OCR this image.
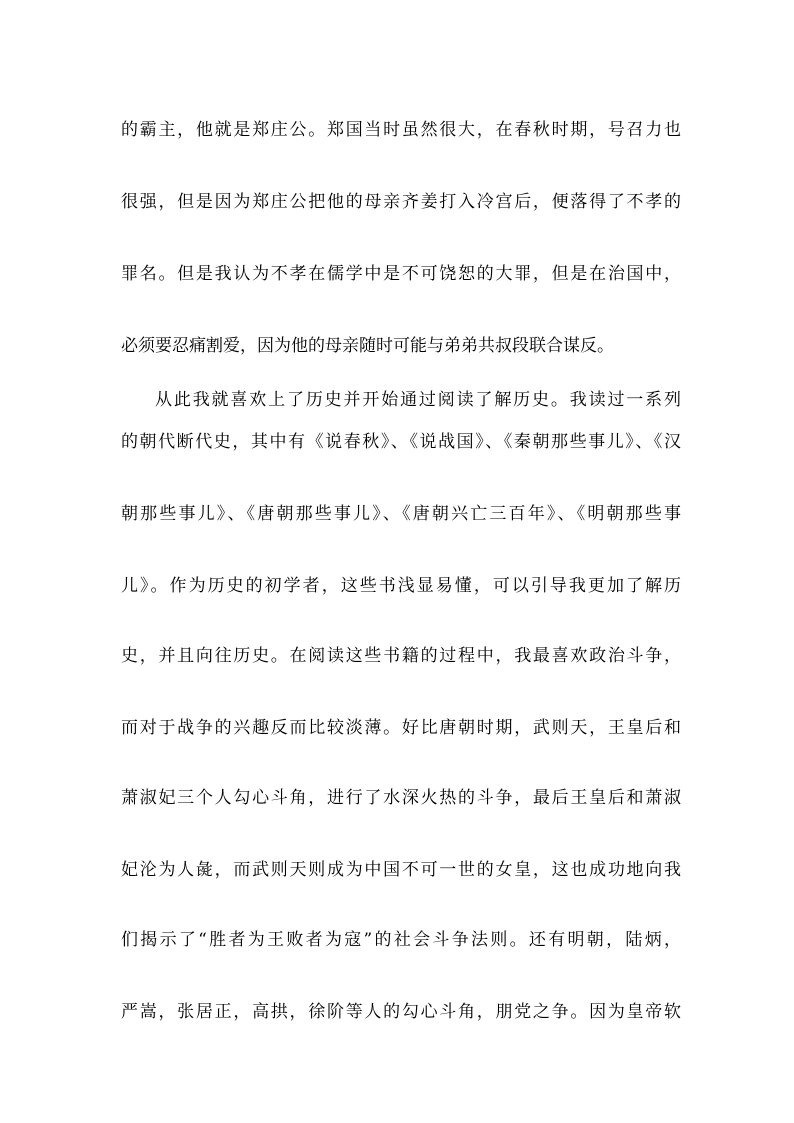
的霸主，他就是郑庄公。郑国当时虽然很大，在春秋时期，号召力也

很强，但是因为郑庄公把他的母亲齐姜打入冷宫后，便落得了不孝的

罪名。但是我认为不孝在儒学中是不可饶恕的大罪，但是在治国中，

必须要忍痛割爱，因为他的母亲随时可能与弟弟共叔段联合谋反。

从此我就喜欢上了历史并开始通过阅读了解历史。我读过一系列

的朝代断代史，其中有《说春秋》、《说战国》、《秦朝那些事儿》、《汉

朝那些事儿》、《唐朝那些事儿》、《唐朝兴亡三百年》、《明朝那些事

儿》。作为历史的初学者，这些书浅显易懂，可以引导我更加了解历

史，并且向往历史。在阅读这些书籍的过程中，我最喜欢政治斗争，

而对于战争的兴趣反而比较淡薄。好比唐朝时期，武则天，王皇后和

萧淑妃三个人勾心斗角，进行了水深火热的斗争，最后王皇后和萧淑

妃沦为人彘，而武则天则成为中国不可一世的女皇，这也成功地向我

们揭示了“胜者为王败者为寇”的社会斗争法则。还有明朝，陆炳，

严嵩，张居正，高拱，徐阶等人的勾心斗角，朋党之争。因为皇帝软
